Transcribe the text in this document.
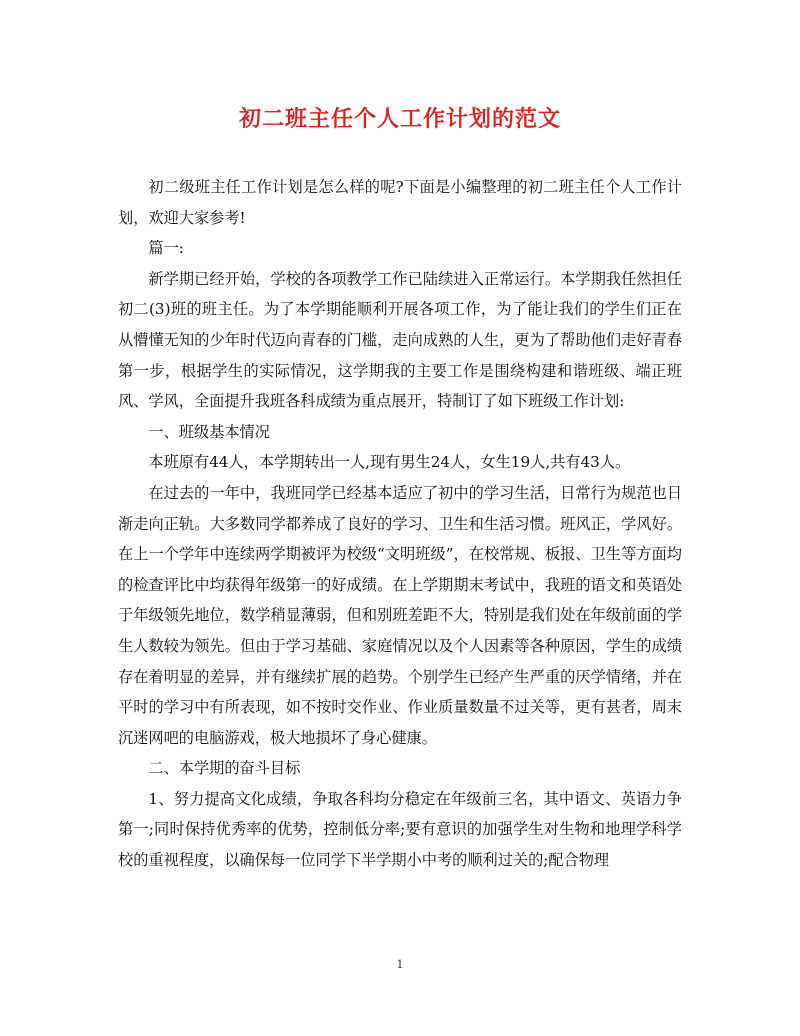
初二班主任个人工作计划的范文

初二级班主任工作计划是怎么样的呢?下面是小编整理的初二班主任个人工作计划，欢迎大家参考!

篇一:

新学期已经开始，学校的各项教学工作已陆续进入正常运行。本学期我任然担任初二(3)班的班主任。为了本学期能顺利开展各项工作，为了能让我们的学生们正在从懵懂无知的少年时代迈向青春的门槛，走向成熟的人生，更为了帮助他们走好青春第一步，根据学生的实际情况，这学期我的主要工作是围绕构建和谐班级、端正班风、学风，全面提升我班各科成绩为重点展开，特制订了如下班级工作计划:

一、班级基本情况

本班原有44人，本学期转出一人,现有男生24人，女生19人,共有43人。

在过去的一年中，我班同学已经基本适应了初中的学习生活，日常行为规范也日渐走向正轨。大多数同学都养成了良好的学习、卫生和生活习惯。班风正，学风好。在上一个学年中连续两学期被评为校级“文明班级”，在校常规、板报、卫生等方面均的检查评比中均获得年级第一的好成绩。在上学期期末考试中，我班的语文和英语处于年级领先地位，数学稍显薄弱，但和别班差距不大，特别是我们处在年级前面的学生人数较为领先。但由于学习基础、家庭情况以及个人因素等各种原因，学生的成绩存在着明显的差异，并有继续扩展的趋势。个别学生已经产生严重的厌学情绪，并在平时的学习中有所表现，如不按时交作业、作业质量数量不过关等，更有甚者，周末沉迷网吧的电脑游戏，极大地损坏了身心健康。

二、本学期的奋斗目标

1、努力提高文化成绩，争取各科均分稳定在年级前三名，其中语文、英语力争第一;同时保持优秀率的优势，控制低分率;要有意识的加强学生对生物和地理学科学校的重视程度，以确保每一位同学下半学期小中考的顺利过关的;配合物理

1
